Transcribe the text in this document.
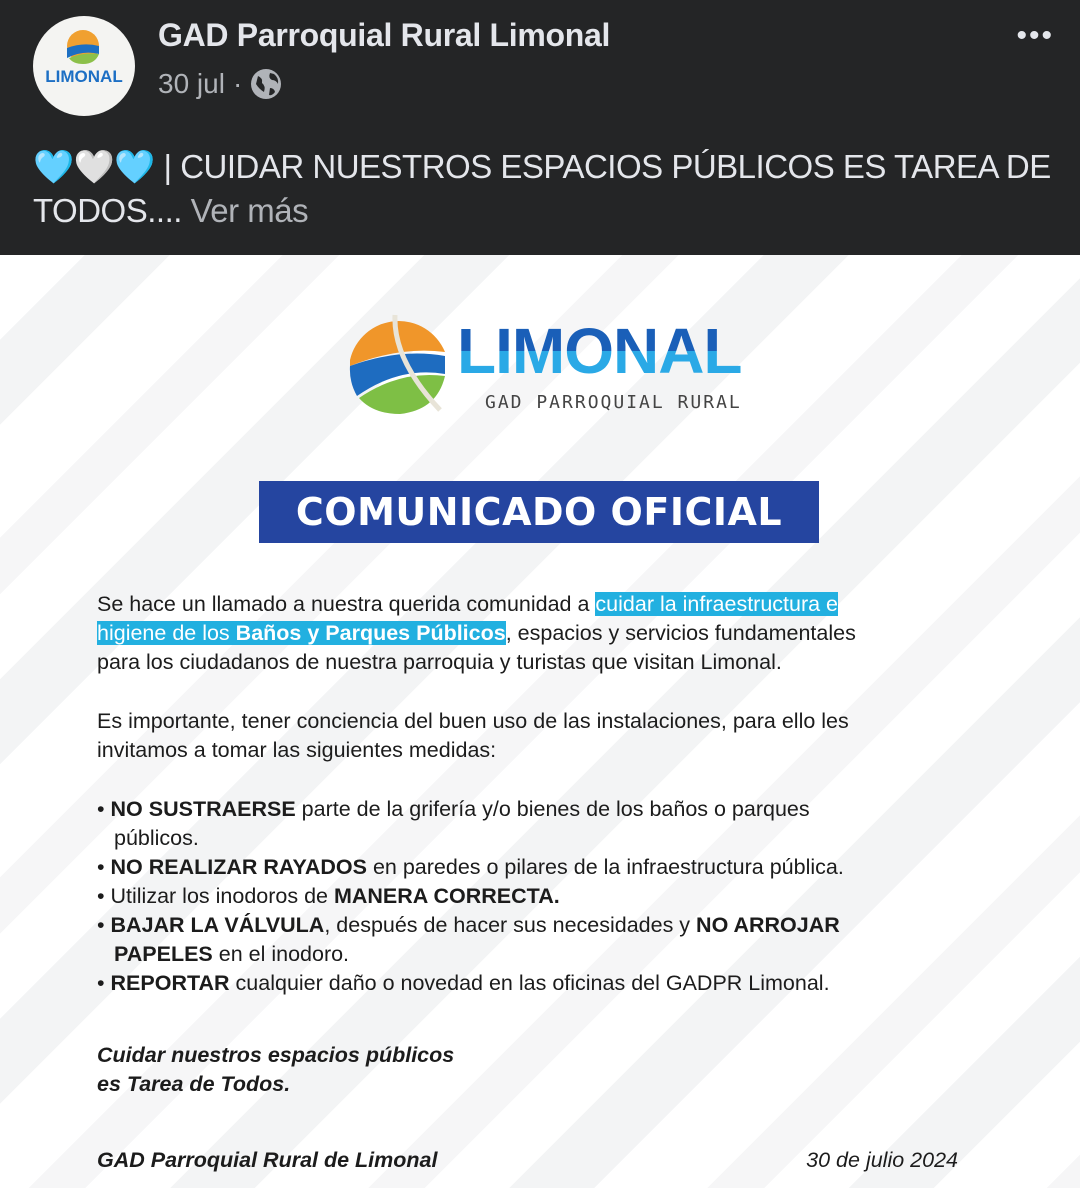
LIMONAL
GAD Parroquial Rural Limonal
30 jul ·
•••
🩵🤍🩵 | CUIDAR NUESTROS ESPACIOS PÚBLICOS ES TAREA DE TODOS.... Ver más
LIMONAL
GAD PARROQUIAL RURAL
COMUNICADO OFICIAL
Se hace un llamado a nuestra querida comunidad a cuidar la infraestructura e
higiene de los Baños y Parques Públicos, espacios y servicios fundamentales
para los ciudadanos de nuestra parroquia y turistas que visitan Limonal.
Es importante, tener conciencia del buen uso de las instalaciones, para ello les
invitamos a tomar las siguientes medidas:
• NO SUSTRAERSE parte de la grifería y/o bienes de los baños o parques
públicos.
• NO REALIZAR RAYADOS en paredes o pilares de la infraestructura pública.
• Utilizar los inodoros de MANERA CORRECTA.
• BAJAR LA VÁLVULA, después de hacer sus necesidades y NO ARROJAR
PAPELES en el inodoro.
• REPORTAR cualquier daño o novedad en las oficinas del GADPR Limonal.
Cuidar nuestros espacios públicos
es Tarea de Todos.
GAD Parroquial Rural de Limonal	30 de julio 2024
